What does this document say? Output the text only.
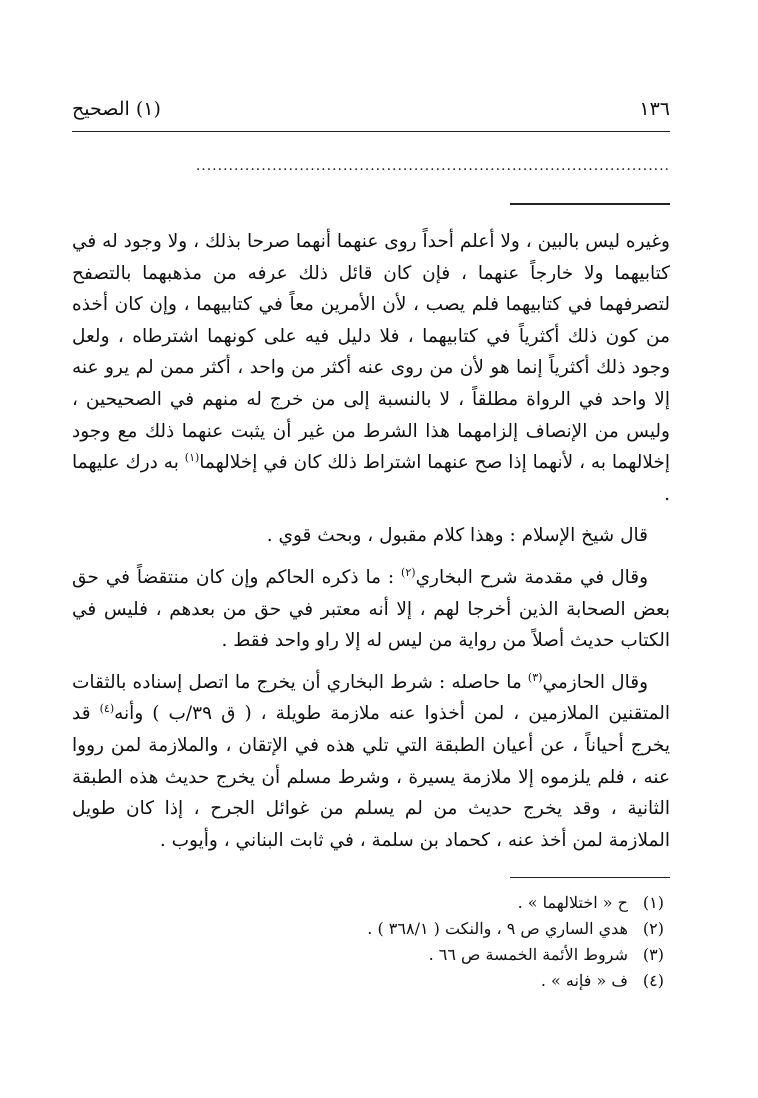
١٣٦
(١) الصحيح
.......................................................................................

وغيره ليس بالبين ، ولا أعلم أحداً روى عنهما أنهما صرحا بذلك ، ولا وجود له في كتابيهما ولا خارجاً عنهما ، فإن كان قائل ذلك عرفه من مذهبهما بالتصفح لتصرفهما في كتابيهما فلم يصب ، لأن الأمرين معاً في كتابيهما ، وإن كان أخذه من كون ذلك أكثرياً في كتابيهما ، فلا دليل فيه على كونهما اشترطاه ، ولعل وجود ذلك أكثرياً إنما هو لأن من روى عنه أكثر من واحد ، أكثر ممن لم يرو عنه إلا واحد في الرواة مطلقاً ، لا بالنسبة إلى من خرج له منهم في الصحيحين ، وليس من الإنصاف إلزامهما هذا الشرط من غير أن يثبت عنهما ذلك مع وجود إخلالهما به ، لأنهما إذا صح عنهما اشتراط ذلك كان في إخلالهما$^{(١)}$ به درك عليهما .

قال شيخ الإسلام : وهذا كلام مقبول ، وبحث قوي .

وقال في مقدمة شرح البخاري$^{(٢)}$ : ما ذكره الحاكم وإن كان منتقضاً في حق بعض الصحابة الذين أخرجا لهم ، إلا أنه معتبر في حق من بعدهم ، فليس في الكتاب حديث أصلاً من رواية من ليس له إلا راو واحد فقط .

وقال الحازمي$^{(٣)}$ ما حاصله : شرط البخاري أن يخرج ما اتصل إسناده بالثقات المتقنين الملازمين ، لمن أخذوا عنه ملازمة طويلة ، ( ق ٣٩/ب ) وأنه$^{(٤)}$ قد يخرج أحياناً ، عن أعيان الطبقة التي تلي هذه في الإتقان ، والملازمة لمن رووا عنه ، فلم يلزموه إلا ملازمة يسيرة ، وشرط مسلم أن يخرج حديث هذه الطبقة الثانية ، وقد يخرج حديث من لم يسلم من غوائل الجرح ، إذا كان طويل الملازمة لمن أخذ عنه ، كحماد بن سلمة ، في ثابت البناني ، وأيوب .

(١)ح « اختلالهما » .
(٢)هدي الساري ص ٩ ، والنكت ( ٣٦٨/١ ) .
(٣)شروط الأئمة الخمسة ص ٦٦ .
(٤)ف « فإنه » .
